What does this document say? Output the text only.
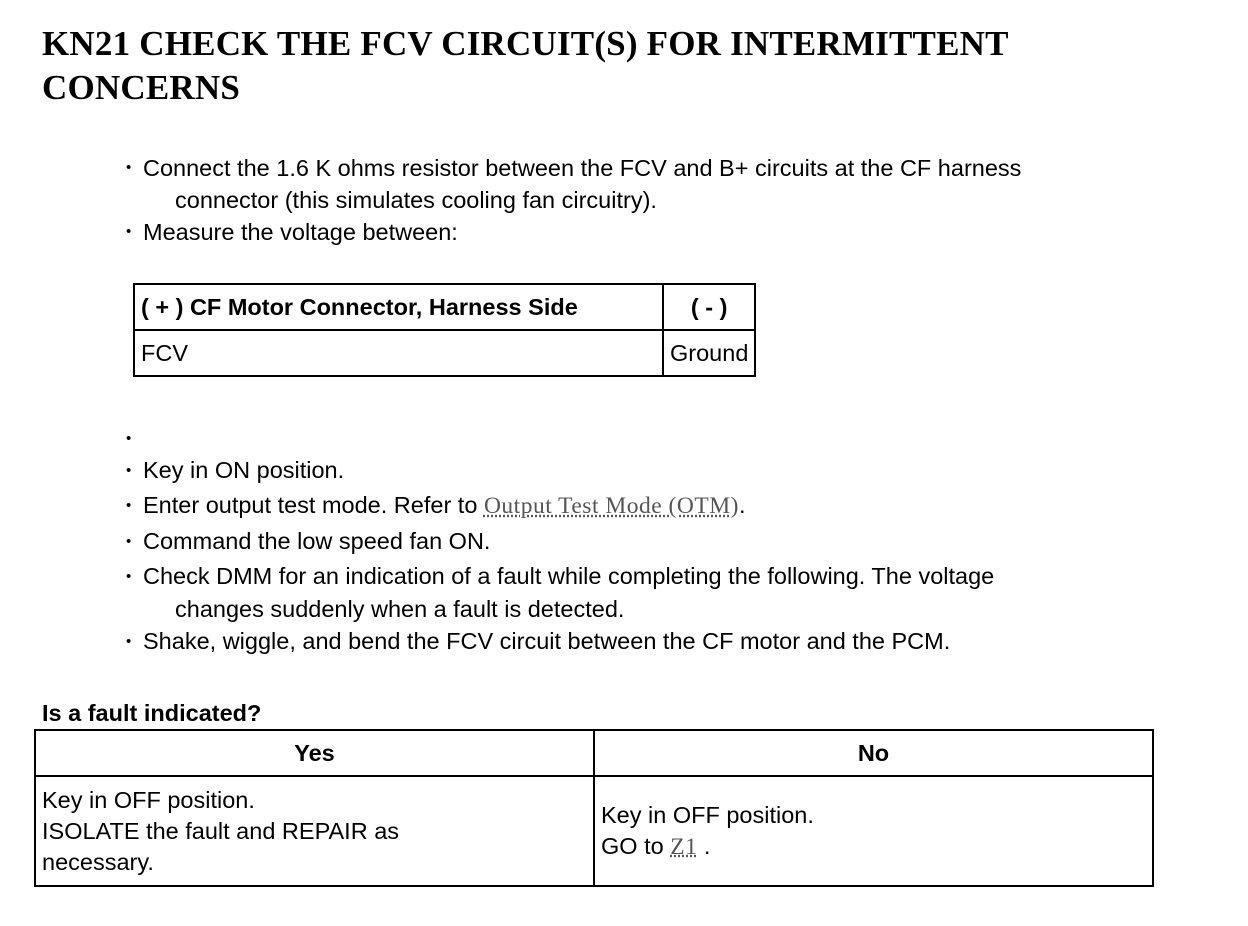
KN21 CHECK THE FCV CIRCUIT(S) FOR INTERMITTENT CONCERNS
• Connect the 1.6 K ohms resistor between the FCV and B+ circuits at the CF harness
connector (this simulates cooling fan circuitry).
• Measure the voltage between:
( + ) CF Motor Connector, Harness Side	( - )
FCV	Ground
•
• Key in ON position.
• Enter output test mode. Refer to Output Test Mode (OTM).
• Command the low speed fan ON.
• Check DMM for an indication of a fault while completing the following. The voltage
changes suddenly when a fault is detected.
• Shake, wiggle, and bend the FCV circuit between the CF motor and the PCM.

Is a fault indicated?

Yes	No
Key in OFF position.
ISOLATE the fault and REPAIR as
necessary.	Key in OFF position.
GO to Z1 .
